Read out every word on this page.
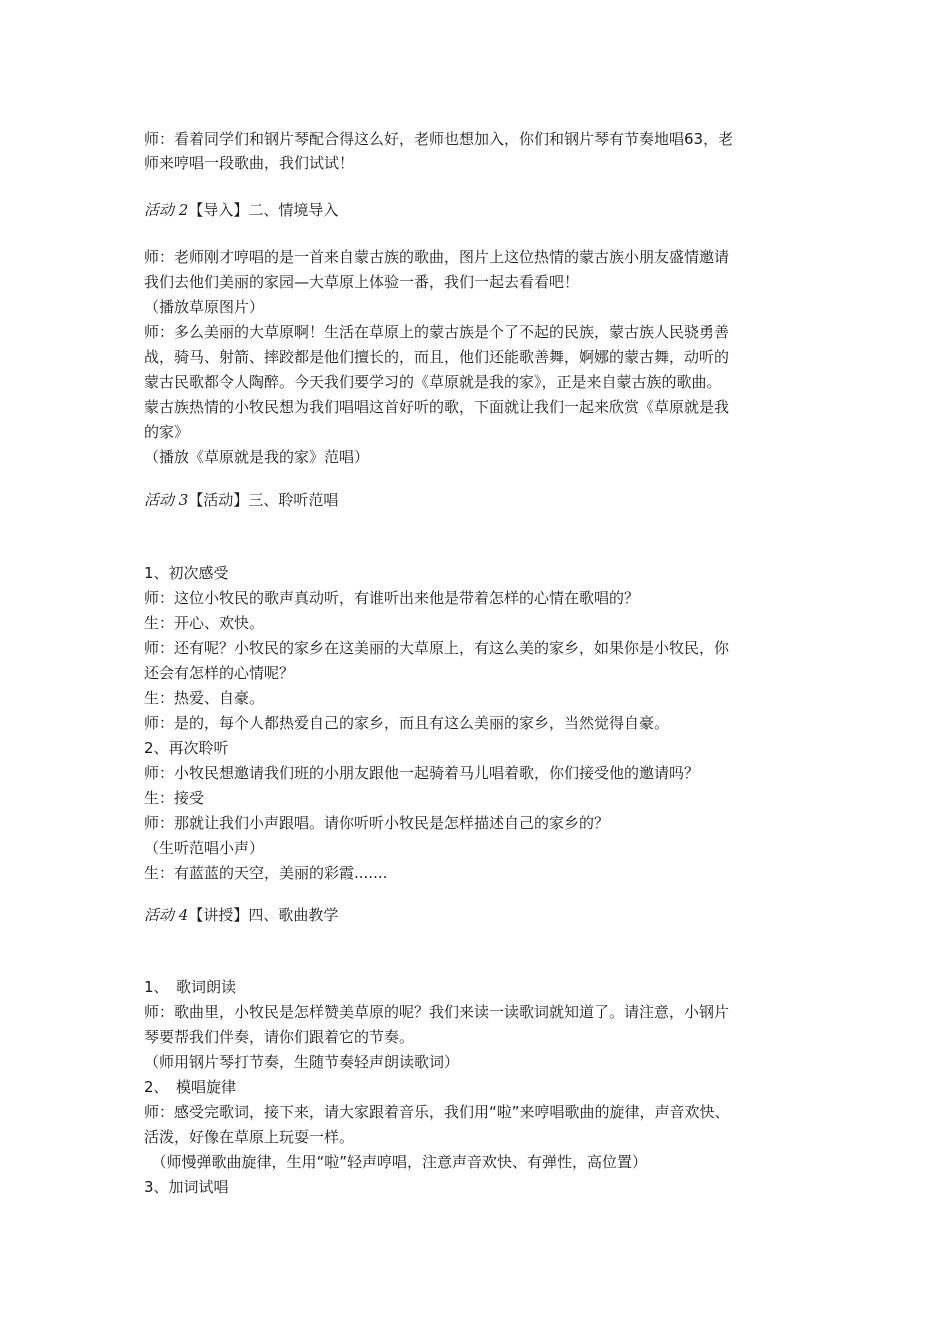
师：看着同学们和钢片琴配合得这么好，老师也想加入，你们和钢片琴有节奏地唱63，老
师来哼唱一段歌曲，我们试试！
活动 2【导入】二、情境导入
师：老师刚才哼唱的是一首来自蒙古族的歌曲，图片上这位热情的蒙古族小朋友盛情邀请
我们去他们美丽的家园—大草原上体验一番，我们一起去看看吧！
（播放草原图片）
师：多么美丽的大草原啊！生活在草原上的蒙古族是个了不起的民族，蒙古族人民骁勇善
战，骑马、射箭、摔跤都是他们擅长的，而且，他们还能歌善舞，婀娜的蒙古舞，动听的
蒙古民歌都令人陶醉。今天我们要学习的《草原就是我的家》，正是来自蒙古族的歌曲。
蒙古族热情的小牧民想为我们唱唱这首好听的歌，下面就让我们一起来欣赏《草原就是我
的家》
（播放《草原就是我的家》范唱）
活动 3【活动】三、聆听范唱
1、初次感受
师：这位小牧民的歌声真动听，有谁听出来他是带着怎样的心情在歌唱的？
生：开心、欢快。
师：还有呢？小牧民的家乡在这美丽的大草原上，有这么美的家乡，如果你是小牧民，你
还会有怎样的心情呢？
生：热爱、自豪。
师：是的，每个人都热爱自己的家乡，而且有这么美丽的家乡，当然觉得自豪。
2、再次聆听
师：小牧民想邀请我们班的小朋友跟他一起骑着马儿唱着歌，你们接受他的邀请吗？
生：接受
师：那就让我们小声跟唱。请你听听小牧民是怎样描述自己的家乡的？
（生听范唱小声）
生：有蓝蓝的天空，美丽的彩霞.......
活动 4【讲授】四、歌曲教学
1、　歌词朗读
师：歌曲里，小牧民是怎样赞美草原的呢？我们来读一读歌词就知道了。请注意，小钢片
琴要帮我们伴奏，请你们跟着它的节奏。
（师用钢片琴打节奏，生随节奏轻声朗读歌词）
2、　模唱旋律
师：感受完歌词，接下来，请大家跟着音乐，我们用“啦”来哼唱歌曲的旋律，声音欢快、
活泼，好像在草原上玩耍一样。
　（师慢弹歌曲旋律，生用“啦”轻声哼唱，注意声音欢快、有弹性，高位置）
3、加词试唱
